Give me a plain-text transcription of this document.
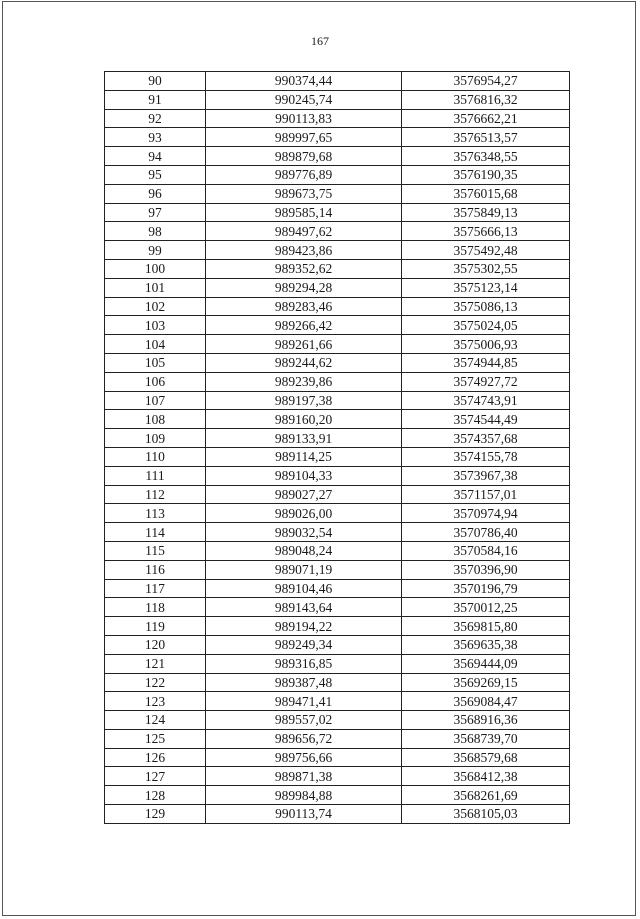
167
90	990374,44	3576954,27
91	990245,74	3576816,32
92	990113,83	3576662,21
93	989997,65	3576513,57
94	989879,68	3576348,55
95	989776,89	3576190,35
96	989673,75	3576015,68
97	989585,14	3575849,13
98	989497,62	3575666,13
99	989423,86	3575492,48
100	989352,62	3575302,55
101	989294,28	3575123,14
102	989283,46	3575086,13
103	989266,42	3575024,05
104	989261,66	3575006,93
105	989244,62	3574944,85
106	989239,86	3574927,72
107	989197,38	3574743,91
108	989160,20	3574544,49
109	989133,91	3574357,68
110	989114,25	3574155,78
111	989104,33	3573967,38
112	989027,27	3571157,01
113	989026,00	3570974,94
114	989032,54	3570786,40
115	989048,24	3570584,16
116	989071,19	3570396,90
117	989104,46	3570196,79
118	989143,64	3570012,25
119	989194,22	3569815,80
120	989249,34	3569635,38
121	989316,85	3569444,09
122	989387,48	3569269,15
123	989471,41	3569084,47
124	989557,02	3568916,36
125	989656,72	3568739,70
126	989756,66	3568579,68
127	989871,38	3568412,38
128	989984,88	3568261,69
129	990113,74	3568105,03
